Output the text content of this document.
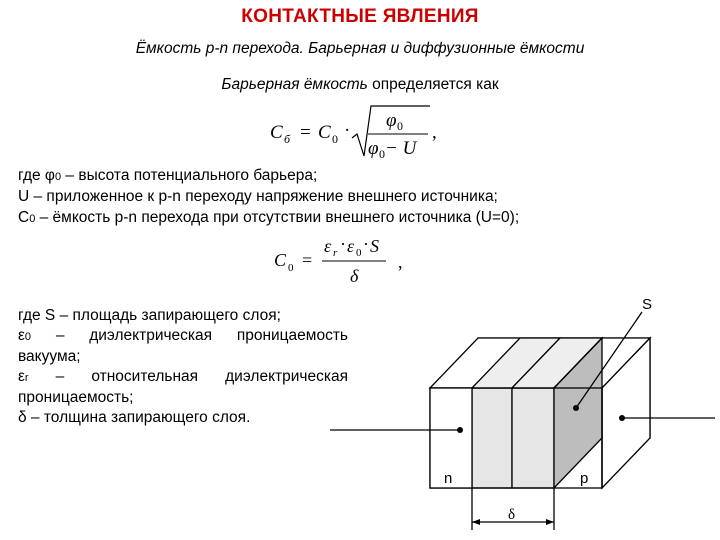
КОНТАКТНЫЕ ЯВЛЕНИЯ
Ёмкость p-n перехода. Барьерная и диффузионные ёмкости
Барьерная ёмкость определяется как
C б = C 0 · φ 0
φ 0 − U
,
где φ0 – высота потенциального барьера;
U – приложенное к p-n переходу напряжение внешнего источника;
C0 – ёмкость p-n перехода при отсутствии внешнего источника (U=0);
C 0 =
ε r · ε 0 · S
δ
,
где S – площадь запирающего слоя;
ε0 – диэлектрическая проницаемость
вакуума;
εr – относительная диэлектрическая
проницаемость;
δ – толщина запирающего слоя.
S
n	p
δ
